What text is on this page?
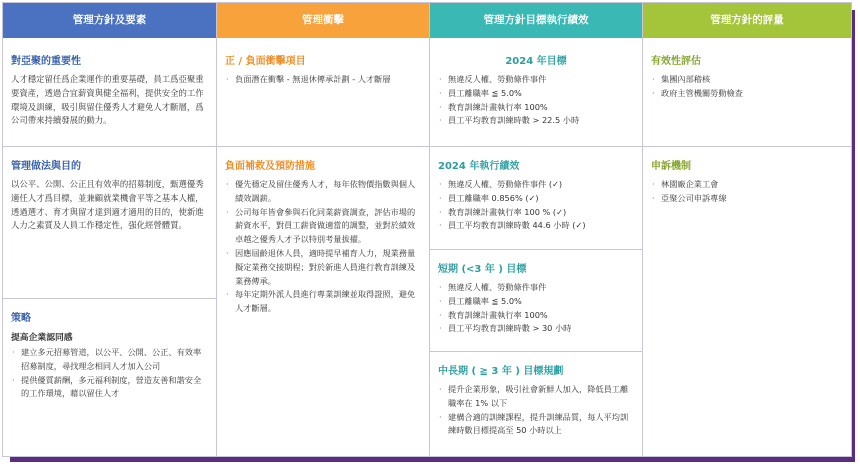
管理方針及要素

對亞聚的重要性

人才穩定留任爲企業運作的重要基礎，員工爲亞聚重要資產，透過合宜薪資與健全福利，提供安全的工作環境及訓練，吸引與留住優秀人才避免人才斷層，爲公司帶來持續發展的動力。

管理做法與目的

以公平、公開、公正且有效率的招募制度，甄選優秀適任人才爲目標，並兼顧就業機會平等之基本人權，透過選才、育才與留才達到適才適用的目的，使新進人力之素質及人員工作穩定性，强化經營體質。

策略

提高企業認同感

· 建立多元招募管道，以公平、公開、公正、有效率招募制度，尋找理念相同人才加入公司
· 提供優質薪酬，多元福利制度，營造友善和諧安全的工作環境，藉以留住人才
管理衝擊

正 / 負面衝擊項目

· 負面潛在衝擊 - 無退休傳承計劃 - 人才斷層

負面補救及預防措施

· 優先穩定及留住優秀人才，每年依物價指數與個人績效調薪。
· 公司每年皆會參與石化同業薪資調查，評估市場的薪資水平，對員工薪資做適當的調整，並對於績效卓越之優秀人才予以特別考量拔擢。
· 因應屆齡退休人員，適時提早補育人力，規業務量擬定業務交接期程；對於新進人員進行教育訓練及業務傳承。
· 每年定期外派人員進行專業訓練並取得證照，避免人才斷層。
管理方針目標執行績效

2024 年目標

· 無違反人權、勞動條件事件
· 員工離職率 ≦ 5.0%
· 教育訓練計畫執行率 100%
· 員工平均教育訓練時數 > 22.5 小時

2024 年執行績效

· 無違反人權、勞動條件事件 (✓)
· 員工離職率 0.856% (✓)
· 教育訓練計畫執行率 100 % (✓)
· 員工平均教育訓練時數 44.6 小時 (✓)

短期 (<3 年 ) 目標

· 無違反人權、勞動條件事件
· 員工離職率 ≦ 5.0%
· 教育訓練計畫執行率 100%
· 員工平均教育訓練時數 > 30 小時

中長期 ( ≧ 3 年 ) 目標規劃

· 提升企業形象，吸引社會新鮮人加入，降低員工離職率在 1% 以下
· 建構合適的訓練課程，提升訓練品質，每人平均訓練時數目標提高至 50 小時以上
管理方針的評量

有效性評估

· 集團內部稽核
· 政府主管機關勞動檢查

申訴機制

· 林園廠企業工會
· 亞聚公司申訴專線
